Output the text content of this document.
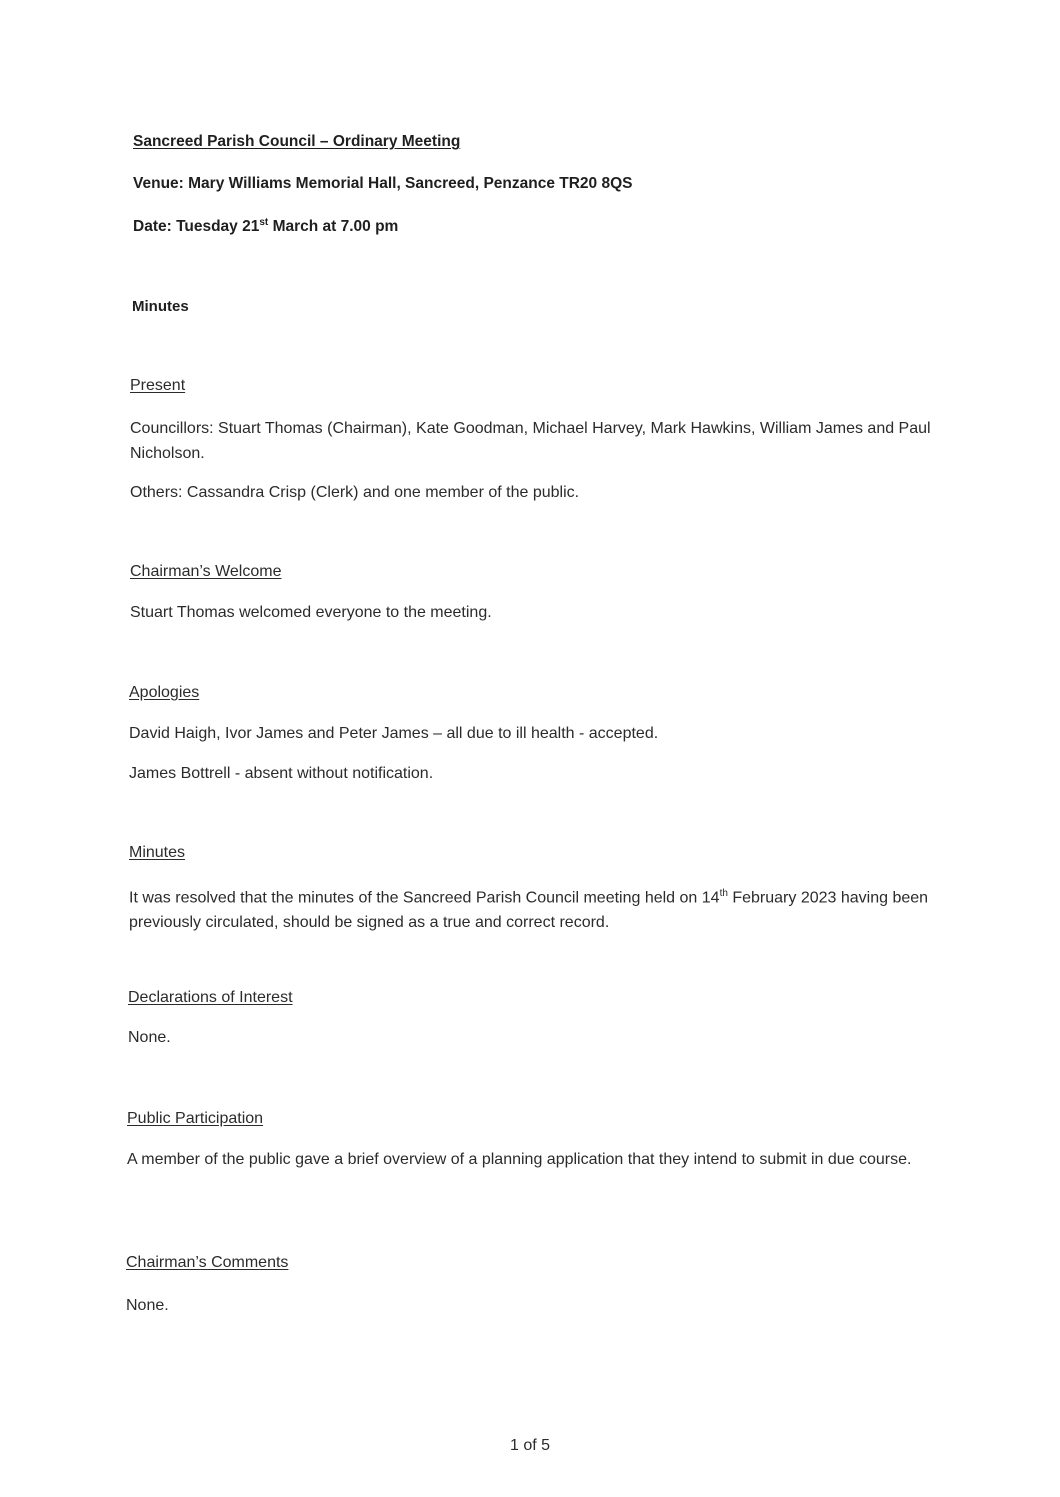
Sancreed Parish Council – Ordinary Meeting

Venue: Mary Williams Memorial Hall, Sancreed, Penzance TR20 8QS

Date: Tuesday 21st March at 7.00 pm

Minutes

Present

Councillors: Stuart Thomas (Chairman), Kate Goodman, Michael Harvey, Mark Hawkins, William James and Paul Nicholson.

Others: Cassandra Crisp (Clerk) and one member of the public.

Chairman’s Welcome

Stuart Thomas welcomed everyone to the meeting.

Apologies

David Haigh, Ivor James and Peter James – all due to ill health - accepted.

James Bottrell - absent without notification.

Minutes

It was resolved that the minutes of the Sancreed Parish Council meeting held on 14th February 2023 having been previously circulated, should be signed as a true and correct record.

Declarations of Interest

None.

Public Participation

A member of the public gave a brief overview of a planning application that they intend to submit in due course.

Chairman’s Comments

None.

1 of 5
